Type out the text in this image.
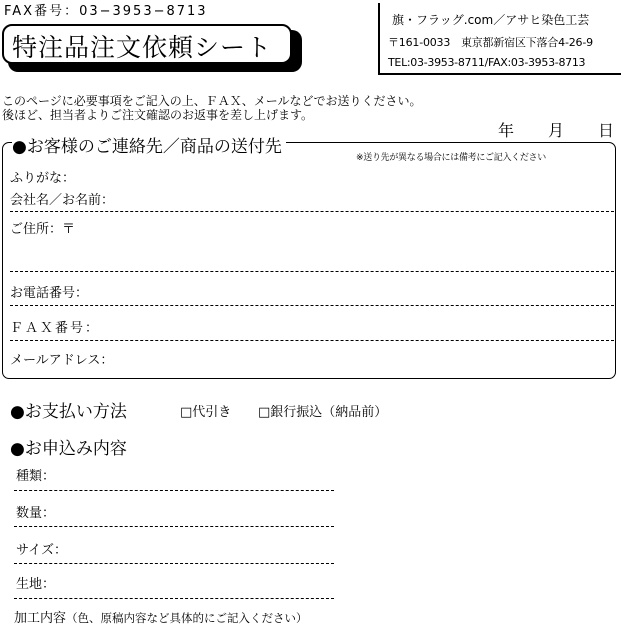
FAX番号：03−3953−8713
特注品注文依頼シート
旗・フラッグ.com／アサヒ染色工芸
〒161-0033　東京都新宿区下落合4-26-9
TEL:03-3953-8711/FAX:03-3953-8713
このページに必要事項をご記入の上、ＦＡＸ、メールなどでお送りください。
後ほど、担当者よりご注文確認のお返事を差し上げます。
年 月 日
●お客様のご連絡先／商品の送付先
※送り先が異なる場合には備考にご記入ください
ふりがな：
会社名／お名前：
ご住所：〒
お電話番号：
ＦＡＸ番号：
メールアドレス：
●お支払い方法	□代引き □銀行振込（納品前）
●お申込み内容
種類：
数量：
サイズ：
生地：
加工内容（色、原稿内容など具体的にご記入ください）
